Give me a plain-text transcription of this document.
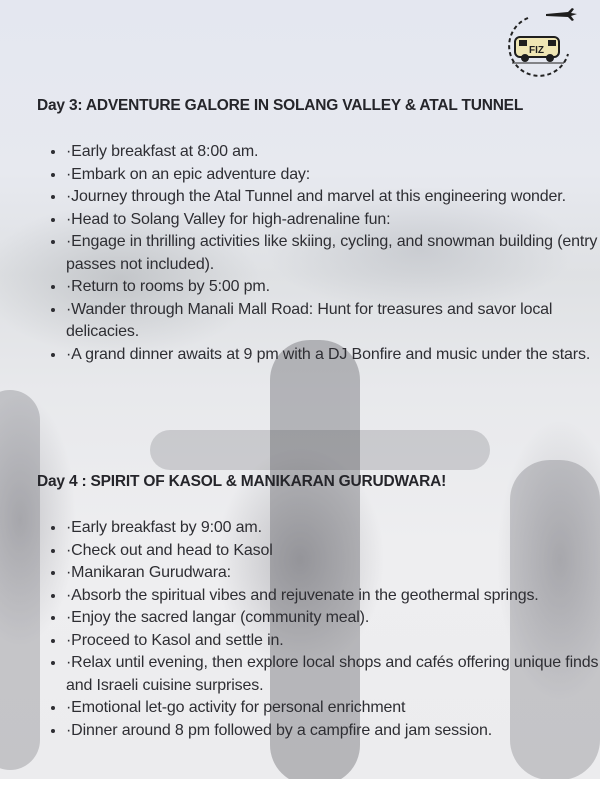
FIZ
Day 3: ADVENTURE GALORE IN SOLANG VALLEY & ATAL TUNNEL
• ·Early breakfast at 8:00 am.
• ·Embark on an epic adventure day:
• ·Journey through the Atal Tunnel and marvel at this engineering wonder.
• ·Head to Solang Valley for high-adrenaline fun:
• ·Engage in thrilling activities like skiing, cycling, and snowman building (entry passes not included).
• ·Return to rooms by 5:00 pm.
• ·Wander through Manali Mall Road: Hunt for treasures and savor local delicacies.
• ·A grand dinner awaits at 9 pm with a DJ Bonfire and music under the stars.
Day 4 : SPIRIT OF KASOL & MANIKARAN GURUDWARA!
• ·Early breakfast by 9:00 am.
• ·Check out and head to Kasol
• ·Manikaran Gurudwara:
• ·Absorb the spiritual vibes and rejuvenate in the geothermal springs.
• ·Enjoy the sacred langar (community meal).
• ·Proceed to Kasol and settle in.
• ·Relax until evening, then explore local shops and cafés offering unique finds and Israeli cuisine surprises.
• ·Emotional let-go activity for personal enrichment
• ·Dinner around 8 pm followed by a campfire and jam session.
